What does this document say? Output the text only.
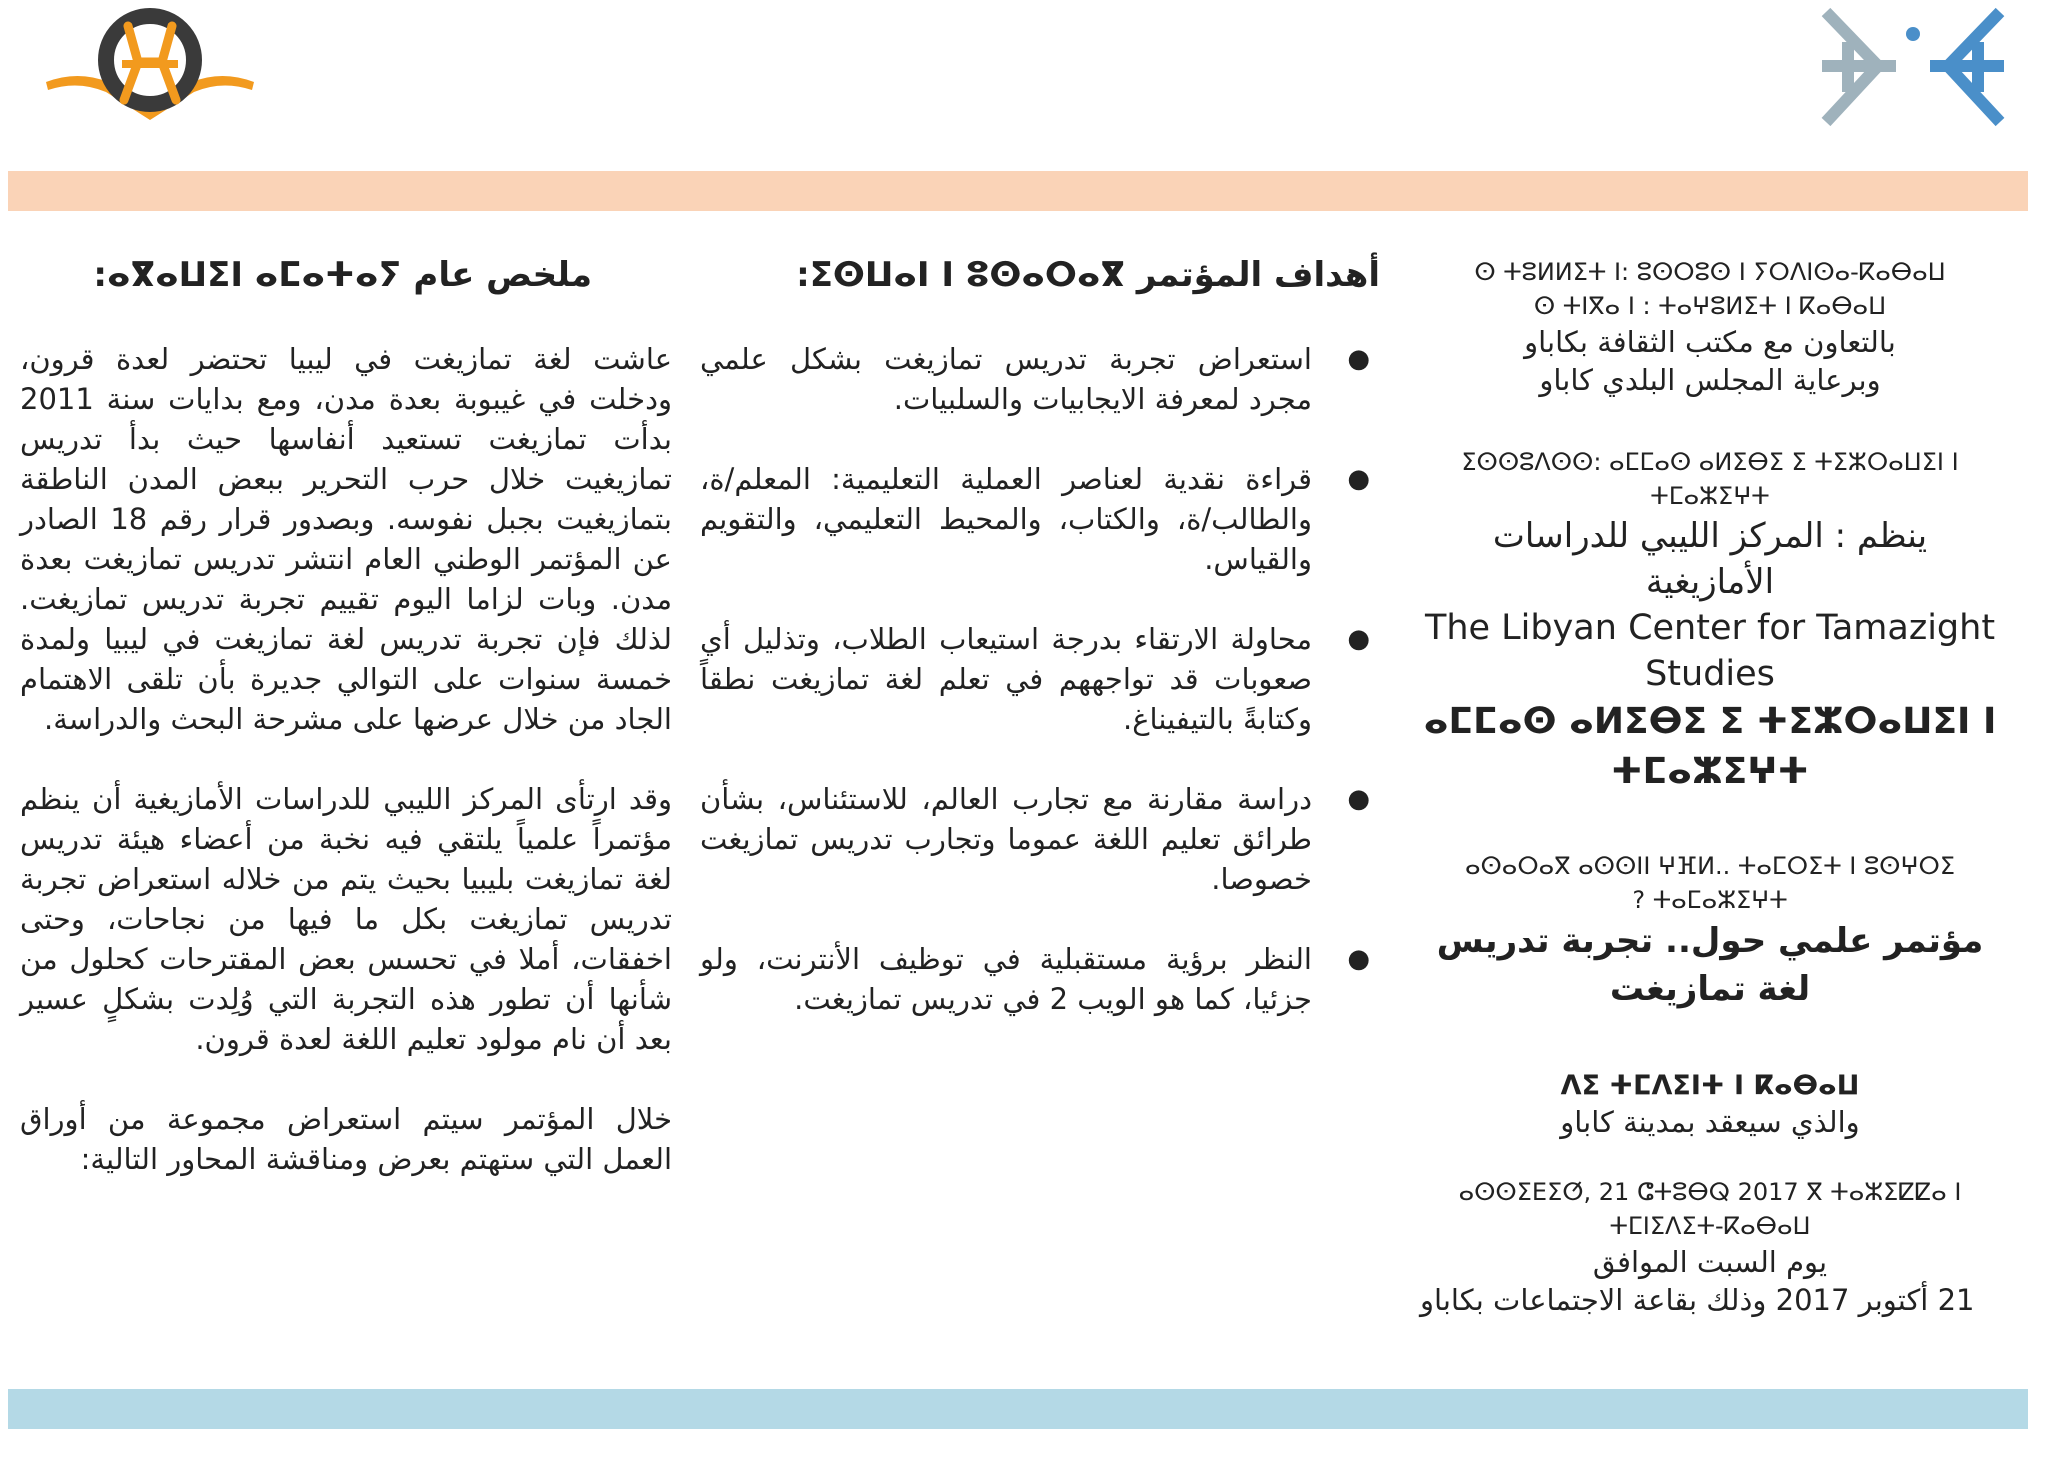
ⵙ ⵜⵓⵍⵍⵉⵜ ⵏ: ⵓⵙⵔⵓⵙ ⵏ ⵢⵔⴷⵏⵙⴰ-ⴽⴰⴱⴰⵡ

ⵙ ⵜⵏⴳⴰ ⵏ : ⵜⴰⵖⵓⵍⵉⵜ ⵏ ⴽⴰⴱⴰⵡ

بالتعاون مع مكتب الثقافة بكاباو

وبرعاية المجلس البلدي كاباو

ⵉⵙⵙⵓⴷⵙⵙ: ⴰⵎⵎⴰⵙ ⴰⵍⵉⴱⵉ ⵉ ⵜⵉⵣⵔⴰⵡⵉⵏ ⵏ ⵜⵎⴰⵣⵉⵖⵜ

ينظم : المركز الليبي للدراسات

الأمازيغية

The Libyan Center for Tamazight Studies

ⴰⵎⵎⴰⵙ ⴰⵍⵉⴱⵉ ⵉ ⵜⵉⵣⵔⴰⵡⵉⵏ ⵏ ⵜⵎⴰⵣⵉⵖⵜ

ⴰⵙⴰⵔⴰⴳ ⴰⵙⵙⵏⵏ ⵖⴼⵍ.. ⵜⴰⵎⵔⵉⵜ ⵏ ⵓⵙⵖⵔⵉ ⵜⴰⵎⴰⵣⵉⵖⵜ ?

مؤتمر علمي حول.. تجربة تدريس لغة تمازيغت

ⴷⵉ ⵜⵎⴷⵉⵏⵜ ⵏ ⴽⴰⴱⴰⵡ

والذي سيعقد بمدينة كاباو

ⴰⵙⵙⵉⴹⵉⵚ, 21 ⵛⵜⵓⴱⵕ 2017 ⴳ ⵜⴰⵣⵉⵇⵇⴰ ⵏ ⵜⵎⵏⵉⴷⵉⵜ-ⴽⴰⴱⴰⵡ

يوم السبت الموافق

21 أكتوبر 2017 وذلك بقاعة الاجتماعات بكاباو

أهداف المؤتمر ⵉⵙⵡⴰⵏ ⵏ ⵓⵙⴰⵔⴰⴳ:
●
استعراض تجربة تدريس تمازيغت بشكل علمي مجرد لمعرفة الايجابيات والسلبيات.
●
قراءة نقدية لعناصر العملية التعليمية: المعلم/ة، والطالب/ة، والكتاب، والمحيط التعليمي، والتقويم والقياس.
●
محاولة الارتقاء بدرجة استيعاب الطلاب، وتذليل أي صعوبات قد تواجههم في تعلم لغة تمازيغت نطقاً وكتابةً بالتيفيناغ.
●
دراسة مقارنة مع تجارب العالم، للاستئناس، بشأن طرائق تعليم اللغة عموما وتجارب تدريس تمازيغت خصوصا.
●
النظر برؤية مستقبلية في توظيف الأنترنت، ولو جزئيا، كما هو الويب 2 في تدريس تمازيغت.
ملخص عام ⴰⴳⴰⵡⵉⵏ ⴰⵎⴰⵜⴰⵢ:

عاشت لغة تمازيغت في ليبيا تحتضر لعدة قرون، ودخلت في غيبوبة بعدة مدن، ومع بدايات سنة 2011 بدأت تمازيغت تستعيد أنفاسها حيث بدأ تدريس تمازيغيت خلال حرب التحرير ببعض المدن الناطقة بتمازيغيت بجبل نفوسه. وبصدور قرار رقم 18 الصادر عن المؤتمر الوطني العام انتشر تدريس تمازيغت بعدة مدن. وبات لزاما اليوم تقييم تجربة تدريس تمازيغت. لذلك فإن تجربة تدريس لغة تمازيغت في ليبيا ولمدة خمسة سنوات على التوالي جديرة بأن تلقى الاهتمام الجاد من خلال عرضها على مشرحة البحث والدراسة.

وقد ارتأى المركز الليبي للدراسات الأمازيغية أن ينظم مؤتمراً علمياً يلتقي فيه نخبة من أعضاء هيئة تدريس لغة تمازيغت بليبيا بحيث يتم من خلاله استعراض تجربة تدريس تمازيغت بكل ما فيها من نجاحات، وحتى اخفقات، أملا في تحسس بعض المقترحات كحلول من شأنها أن تطور هذه التجربة التي وُلِدت بشكلٍ عسير بعد أن نام مولود تعليم اللغة لعدة قرون.

خلال المؤتمر سيتم استعراض مجموعة من أوراق العمل التي ستهتم بعرض ومناقشة المحاور التالية:
